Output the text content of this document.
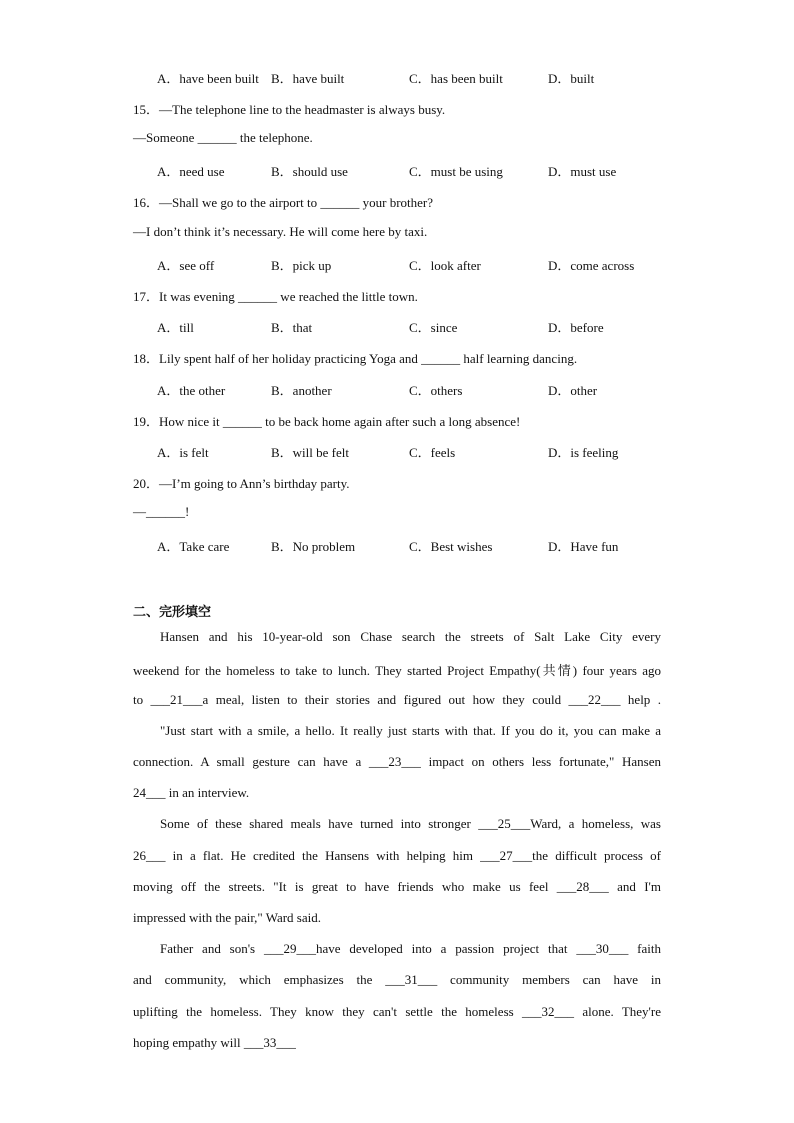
A．have been built B．have built	C．has been built	D．built
15．—The telephone line to the headmaster is always busy.
—Someone ______ the telephone.
A．need use	B．should use	C．must be using	D．must use
16．—Shall we go to the airport to ______ your brother?
—I don’t think it’s necessary. He will come here by taxi.
A．see off	B．pick up	C．look after	D．come across
17．It was evening ______ we reached the little town.
A．till	B．that	C．since	D．before
18．Lily spent half of her holiday practicing Yoga and ______ half learning dancing.
A．the other	B．another	C．others	D．other
19．How nice it ______ to be back home again after such a long absence!
A．is felt	B．will be felt	C．feels	D．is feeling
20．—I’m going to Ann’s birthday party.
—______!
A．Take care	B．No problem	C．Best wishes	D．Have fun
二、完形填空
Hansen and his 10-year-old son Chase search the streets of Salt Lake City every
weekend for the homeless to take to lunch. They started Project Empathy(共情) four years ago
to ___21___a meal, listen to their stories and figured out how they could ___22___ help .
"Just start with a smile, a hello. It really just starts with that. If you do it, you can make a
connection. A small gesture can have a ___23___ impact on others less fortunate," Hansen
24___ in an interview.
Some of these shared meals have turned into stronger ___25___Ward, a homeless, was
26___ in a flat. He credited the Hansens with helping him ___27___the difficult process of
moving off the streets. "It is great to have friends who make us feel ___28___ and I'm
impressed with the pair," Ward said.
Father and son's ___29___have developed into a passion project that ___30___ faith
and community, which emphasizes the ___31___ community members can have in
uplifting the homeless. They know they can't settle the homeless ___32___ alone. They're
hoping empathy will ___33___
